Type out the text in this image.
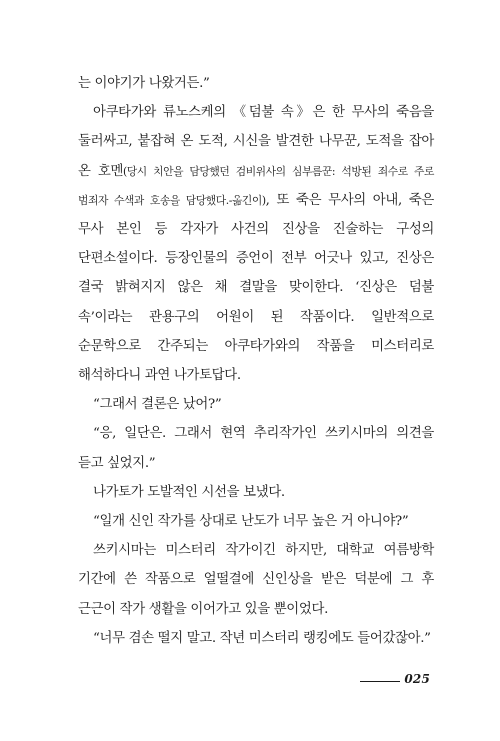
는 이야기가 나왔거든.”

아쿠타가와 류노스케의 《덤불 속》은 한 무사의 죽음을 둘러싸고, 붙잡혀 온 도적, 시신을 발견한 나무꾼, 도적을 잡아 온 호멘(당시 치안을 담당했던 검비위사의 심부름꾼: 석방된 죄수로 주로 범죄자 수색과 호송을 담당했다.-옮긴이), 또 죽은 무사의 아내, 죽은 무사 본인 등 각자가 사건의 진상을 진술하는 구성의 단편소설이다. 등장인물의 증언이 전부 어긋나 있고, 진상은 결국 밝혀지지 않은 채 결말을 맞이한다. ‘진상은 덤불 속’이라는 관용구의 어원이 된 작품이다. 일반적으로 순문학으로 간주되는 아쿠타가와의 작품을 미스터리로 해석하다니 과연 나가토답다.

“그래서 결론은 났어?”

“응, 일단은. 그래서 현역 추리작가인 쓰키시마의 의견을 듣고 싶었지.”

나가토가 도발적인 시선을 보냈다.

“일개 신인 작가를 상대로 난도가 너무 높은 거 아니야?”

쓰키시마는 미스터리 작가이긴 하지만, 대학교 여름방학 기간에 쓴 작품으로 얼떨결에 신인상을 받은 덕분에 그 후 근근이 작가 생활을 이어가고 있을 뿐이었다.

“너무 겸손 떨지 말고. 작년 미스터리 랭킹에도 들어갔잖아.”

025
